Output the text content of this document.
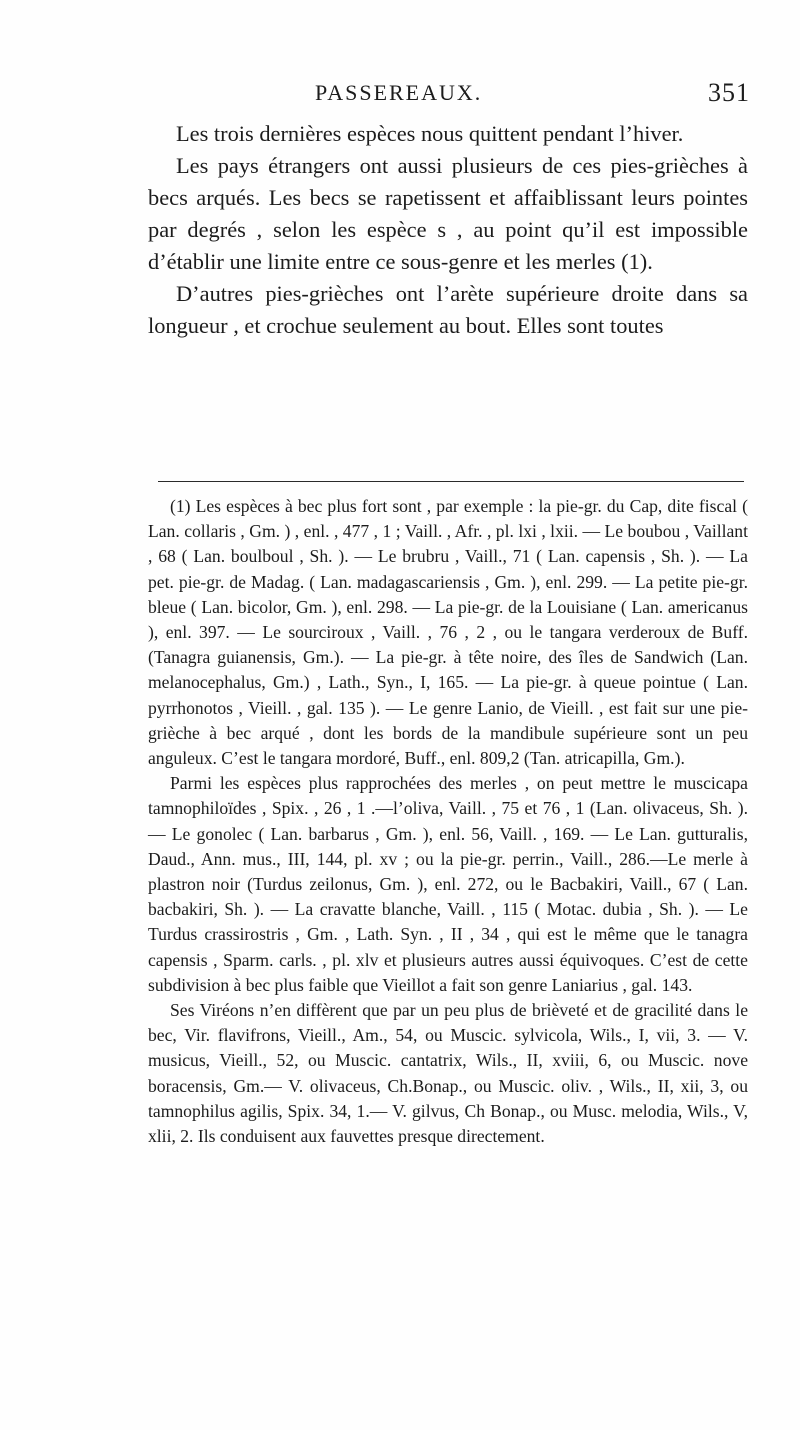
PASSEREAUX.	351

Les trois dernières espèces nous quittent pendant l’hiver.

Les pays étrangers ont aussi plusieurs de ces pies-grièches à becs arqués. Les becs se rapetissent et affaiblissant leurs pointes par degrés , selon les espèce s , au point qu’il est impossible d’établir une limite entre ce sous-genre et les merles (1).

D’autres pies-grièches ont l’arète supérieure droite dans sa longueur , et crochue seulement au bout. Elles sont toutes

(1) Les espèces à bec plus fort sont , par exemple : la pie-gr. du Cap, dite fiscal ( Lan. collaris , Gm. ) , enl. , 477 , 1 ; Vaill. , Afr. , pl. lxi , lxii. — Le boubou , Vaillant , 68 ( Lan. boulboul , Sh. ). — Le brubru , Vaill., 71 ( Lan. capensis , Sh. ). — La pet. pie-gr. de Madag. ( Lan. madagascariensis , Gm. ), enl. 299. — La petite pie-gr. bleue ( Lan. bicolor, Gm. ), enl. 298. — La pie-gr. de la Louisiane ( Lan. americanus ), enl. 397. — Le sourciroux , Vaill. , 76 , 2 , ou le tangara verderoux de Buff. (Tanagra guianensis, Gm.). — La pie-gr. à tête noire, des îles de Sandwich (Lan. melanocephalus, Gm.) , Lath., Syn., I, 165. — La pie-gr. à queue pointue ( Lan. pyrrhonotos , Vieill. , gal. 135 ). — Le genre Lanio, de Vieill. , est fait sur une pie-grièche à bec arqué , dont les bords de la mandibule supérieure sont un peu anguleux. C’est le tangara mordoré, Buff., enl. 809,2 (Tan. atricapilla, Gm.).

Parmi les espèces plus rapprochées des merles , on peut mettre le muscicapa tamnophiloïdes , Spix. , 26 , 1 .—l’oliva, Vaill. , 75 et 76 , 1 (Lan. olivaceus, Sh. ). — Le gonolec ( Lan. barbarus , Gm. ), enl. 56, Vaill. , 169. — Le Lan. gutturalis, Daud., Ann. mus., III, 144, pl. xv ; ou la pie-gr. perrin., Vaill., 286.—Le merle à plastron noir (Turdus zeilonus, Gm. ), enl. 272, ou le Bacbakiri, Vaill., 67 ( Lan. bacbakiri, Sh. ). — La cravatte blanche, Vaill. , 115 ( Motac. dubia , Sh. ). — Le Turdus crassirostris , Gm. , Lath. Syn. , II , 34 , qui est le même que le tanagra capensis , Sparm. carls. , pl. xlv et plusieurs autres aussi équivoques. C’est de cette subdivision à bec plus faible que Vieillot a fait son genre Laniarius , gal. 143.

Ses Viréons n’en diffèrent que par un peu plus de brièveté et de gracilité dans le bec, Vir. flavifrons, Vieill., Am., 54, ou Muscic. sylvicola, Wils., I, vii, 3. — V. musicus, Vieill., 52, ou Muscic. cantatrix, Wils., II, xviii, 6, ou Muscic. nove boracensis, Gm.— V. olivaceus, Ch.Bonap., ou Muscic. oliv. , Wils., II, xii, 3, ou tamnophilus agilis, Spix. 34, 1.— V. gilvus, Ch Bonap., ou Musc. melodia, Wils., V, xlii, 2. Ils conduisent aux fauvettes presque directement.
